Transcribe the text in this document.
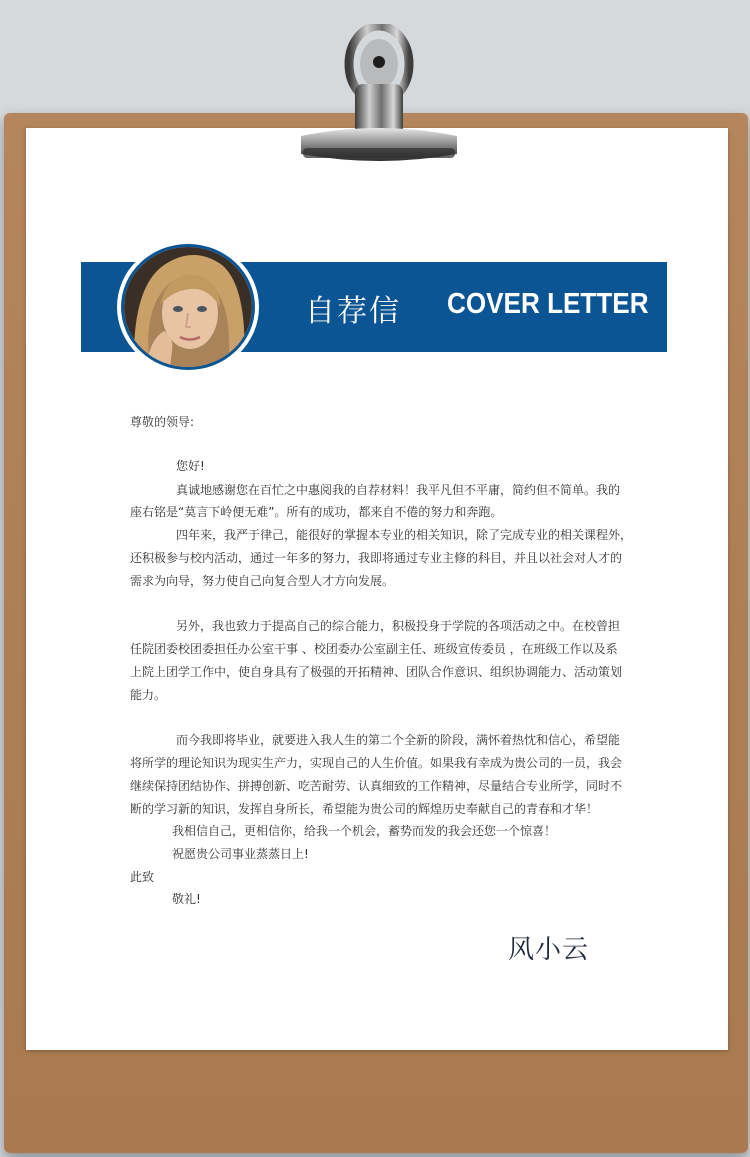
自荐信 COVER LETTER
尊敬的领导:
您好!
真诚地感谢您在百忙之中惠阅我的自荐材料！我平凡但不平庸，简约但不简单。我的
座右铭是“莫言下岭便无难”。所有的成功，都来自不倦的努力和奔跑。
四年来，我严于律己，能很好的掌握本专业的相关知识，除了完成专业的相关课程外，
还积极参与校内活动，通过一年多的努力，我即将通过专业主修的科目，并且以社会对人才的
需求为向导，努力使自己向复合型人才方向发展。
另外，我也致力于提高自己的综合能力，积极投身于学院的各项活动之中。在校曾担
任院团委校团委担任办公室干事 、校团委办公室副主任、班级宣传委员 ，在班级工作以及系
上院上团学工作中，使自身具有了极强的开拓精神、团队合作意识、组织协调能力、活动策划
能力。
而今我即将毕业，就要进入我人生的第二个全新的阶段，满怀着热忱和信心，希望能
将所学的理论知识为现实生产力，实现自己的人生价值。如果我有幸成为贵公司的一员，我会
继续保持团结协作、拼搏创新、吃苦耐劳、认真细致的工作精神，尽量结合专业所学，同时不
断的学习新的知识，发挥自身所长，希望能为贵公司的辉煌历史奉献自己的青春和才华！
我相信自己，更相信你，给我一个机会，蓄势而发的我会还您一个惊喜！
祝愿贵公司事业蒸蒸日上!
此致
敬礼!
风小云
